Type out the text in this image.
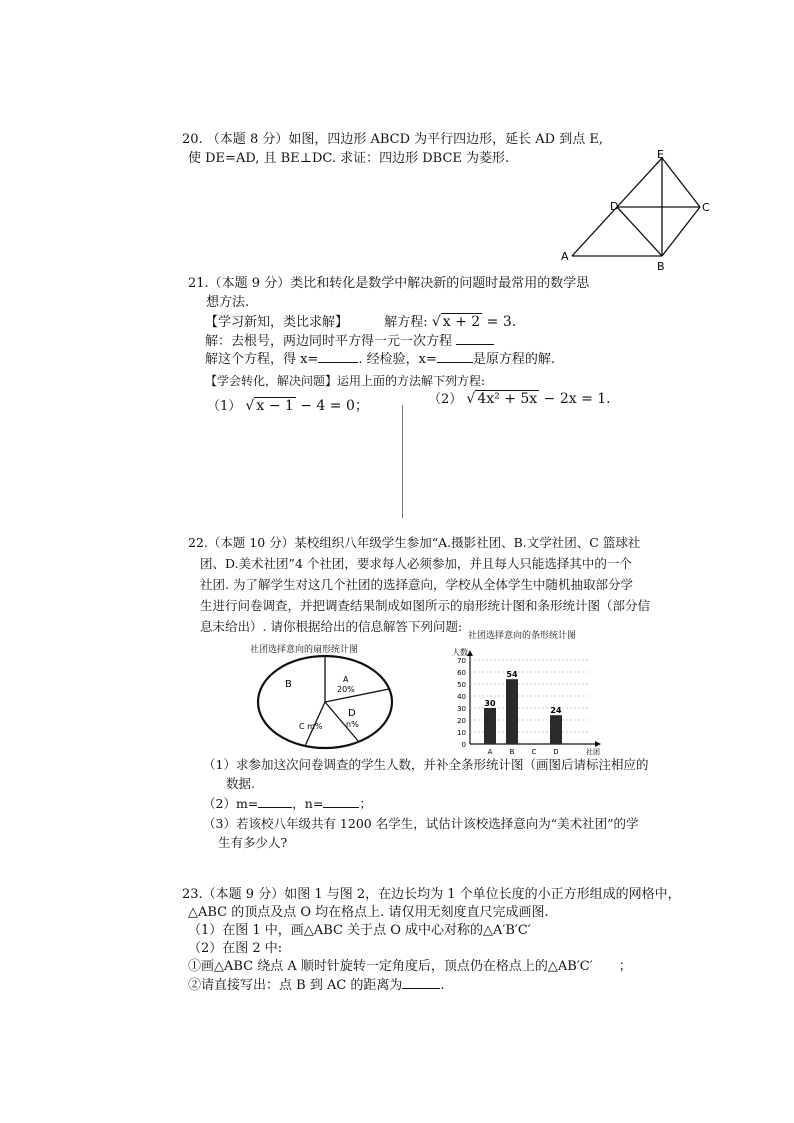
20. （本题 8 分）如图，四边形 ABCD 为平行四边形，延长 AD 到点 E,
使 DE=AD, 且 BE⊥DC. 求证：四边形 DBCE 为菱形.	E
D	C
A
B
21.（本题 9 分）类比和转化是数学中解决新的问题时最常用的数学思
想方法.
【学习新知，类比求解】	解方程: √ x + 2 = 3.
解：去根号，两边同时平方得一元一次方程
解这个方程，得 x=	. 经检验，x=	是原方程的解.
【学会转化，解决问题】运用上面的方法解下列方程:
（1） √ x − 1 − 4 = 0；	（2） √ 4x² + 5x − 2x = 1.
22.（本题 10 分）某校组织八年级学生参加“A.摄影社团、B.文学社团、C 篮球社
团、D.美术社团”4 个社团，要求每人必须参加，并且每人只能选择其中的一个
社团. 为了解学生对这几个社团的选择意向，学校从全体学生中随机抽取部分学
生进行问卷调查，并把调查结果制成如图所示的扇形统计图和条形统计图（部分信
息未给出）. 请你根据给出的信息解答下列问题:
社团选择意向的扇形统计图
B	A
20%
C m%
D
n%
社团选择意向的条形统计图
人数
社团
0
10
20
30
40
50
60
70
A
30
B
54
C D
24
（1）求参加这次问卷调查的学生人数，并补全条形统计图（画图后请标注相应的
数据.
（2）m=	，n=	；
（3）若该校八年级共有 1200 名学生，试估计该校选择意向为“美术社团”的学
生有多少人?
23.（本题 9 分）如图 1 与图 2，在边长均为 1 个单位长度的小正方形组成的网格中，
△ABC 的顶点及点 O 均在格点上. 请仅用无刻度直尺完成画图.
（1）在图 1 中，画△ABC 关于点 O 成中心对称的△A′B′C′
（2）在图 2 中:
①画△ABC 绕点 A 顺时针旋转一定角度后，顶点仍在格点上的△AB′C′ ；
②请直接写出：点 B 到 AC 的距离为	.
